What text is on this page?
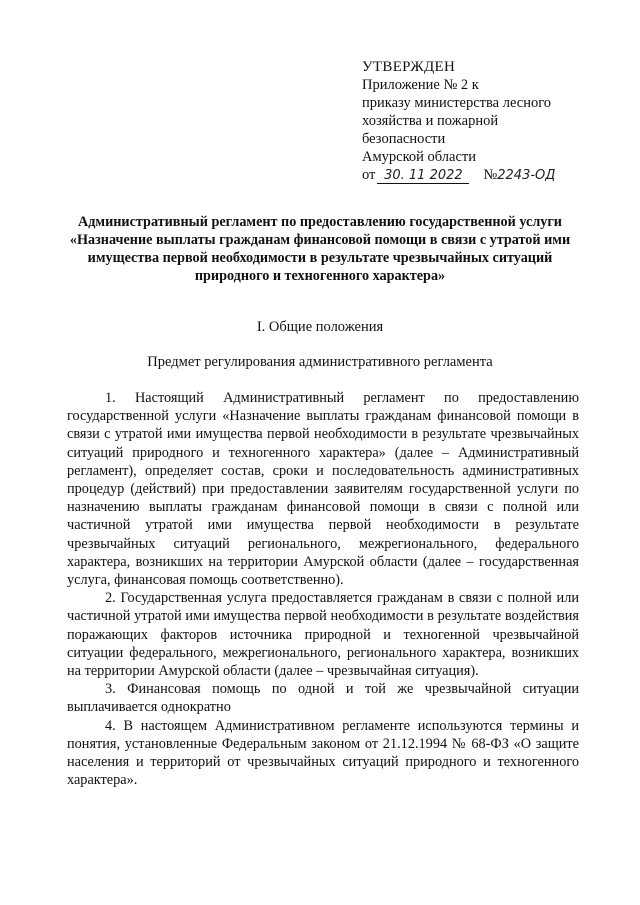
УТВЕРЖДЕН
Приложение № 2 к
приказу министерства лесного
хозяйства и пожарной
безопасности
Амурской области
от 30. 11 2022 №2243-ОД
Административный регламент по предоставлению государственной услуги «Назначение выплаты гражданам финансовой помощи в связи с утратой ими имущества первой необходимости в результате чрезвычайных ситуаций природного и техногенного характера»
I. Общие положения
Предмет регулирования административного регламента

1. Настоящий Административный регламент по предоставлению государственной услуги «Назначение выплаты гражданам финансовой помощи в связи с утратой ими имущества первой необходимости в результате чрезвычайных ситуаций природного и техногенного характера» (далее – Административный регламент), определяет состав, сроки и последовательность административных процедур (действий) при предоставлении заявителям государственной услуги по назначению выплаты гражданам финансовой помощи в связи с полной или частичной утратой ими имущества первой необходимости в результате чрезвычайных ситуаций регионального, межрегионального, федерального характера, возникших на территории Амурской области (далее – государственная услуга, финансовая помощь соответственно).

2. Государственная услуга предоставляется гражданам в связи с полной или частичной утратой ими имущества первой необходимости в результате воздействия поражающих факторов источника природной и техногенной чрезвычайной ситуации федерального, межрегионального, регионального характера, возникших на территории Амурской области (далее – чрезвычайная ситуация).

3. Финансовая помощь по одной и той же чрезвычайной ситуации выплачивается однократно

4. В настоящем Административном регламенте используются термины и понятия, установленные Федеральным законом от 21.12.1994 № 68-ФЗ «О защите населения и территорий от чрезвычайных ситуаций природного и техногенного характера».
